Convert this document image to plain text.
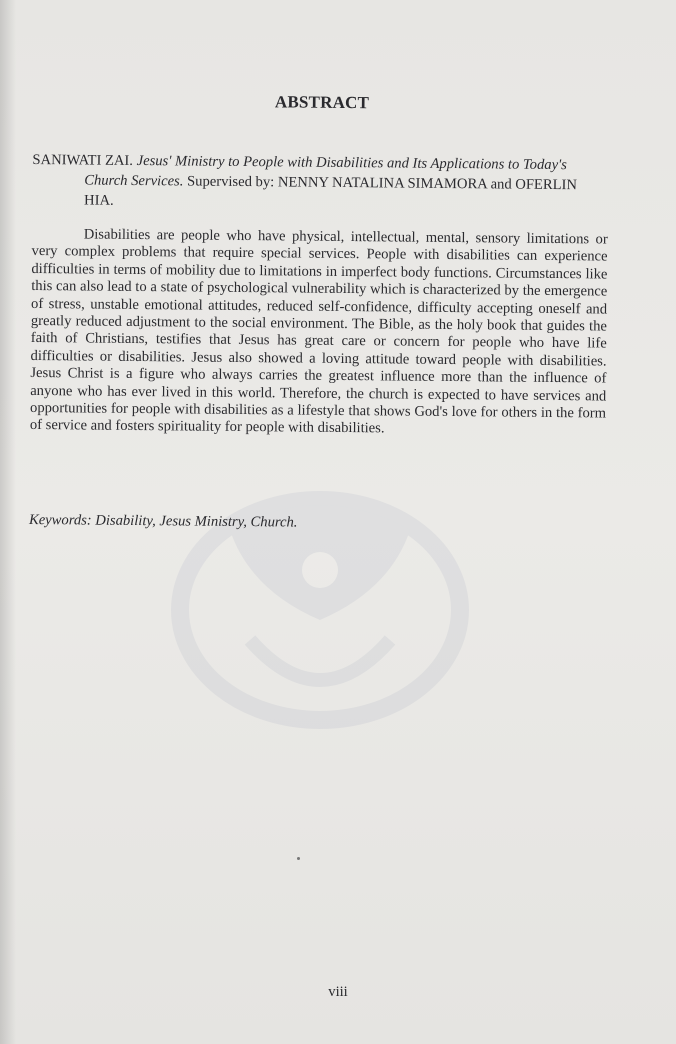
ABSTRACT
SANIWATI ZAI. Jesus' Ministry to People with Disabilities and Its Applications to Today's Church Services. Supervised by: NENNY NATALINA SIMAMORA and OFERLIN HIA.

Disabilities are people who have physical, intellectual, mental, sensory limitations or very complex problems that require special services. People with disabilities can experience difficulties in terms of mobility due to limitations in imperfect body functions. Circumstances like this can also lead to a state of psychological vulnerability which is characterized by the emergence of stress, unstable emotional attitudes, reduced self-confidence, difficulty accepting oneself and greatly reduced adjustment to the social environment. The Bible, as the holy book that guides the faith of Christians, testifies that Jesus has great care or concern for people who have life difficulties or disabilities. Jesus also showed a loving attitude toward people with disabilities. Jesus Christ is a figure who always carries the greatest influence more than the influence of anyone who has ever lived in this world. Therefore, the church is expected to have services and opportunities for people with disabilities as a lifestyle that shows God's love for others in the form of service and fosters spirituality for people with disabilities.

Keywords: Disability, Jesus Ministry, Church.
viii
